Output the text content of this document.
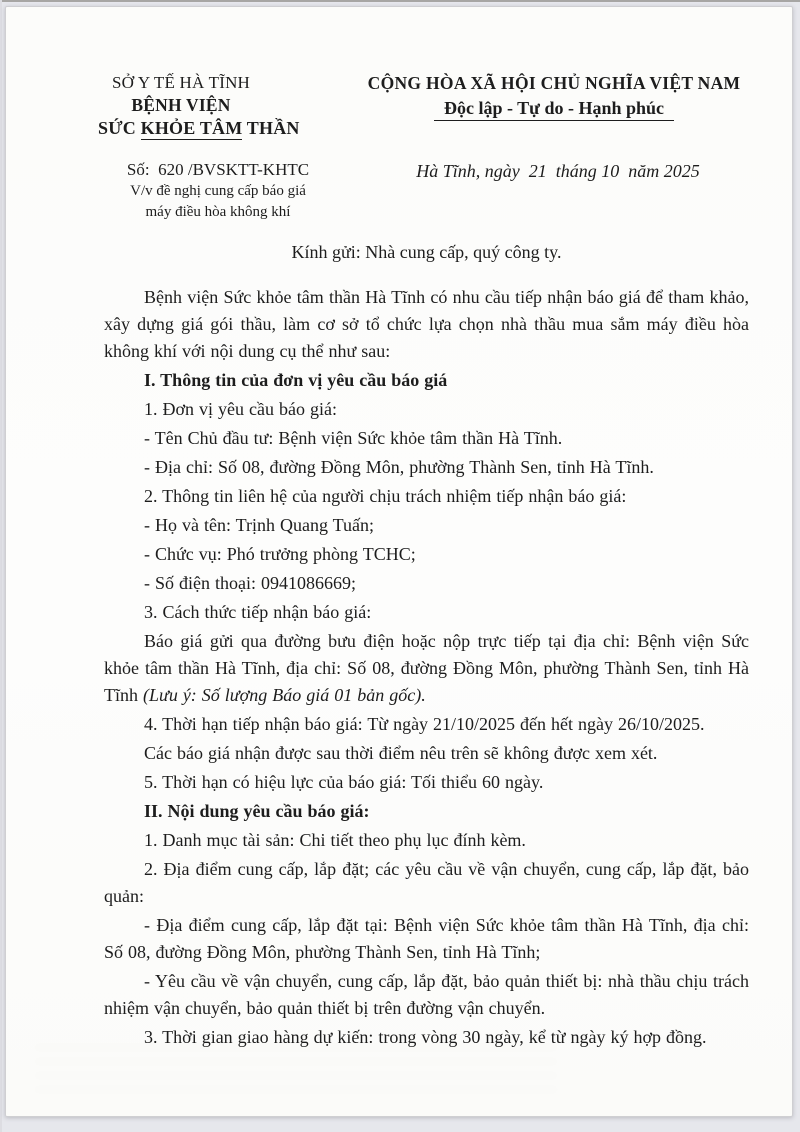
SỞ Y TẾ HÀ TĨNH
BỆNH VIỆN
SỨC KHỎE TÂM THẦN
CỘNG HÒA XÃ HỘI CHỦ NGHĨA VIỆT NAM
Độc lập - Tự do - Hạnh phúc
Số:  620 /BVSKTT-KHTC
V/v đề nghị cung cấp báo giá
máy điều hòa không khí
Hà Tĩnh, ngày  21  tháng 10  năm 2025
Kính gửi: Nhà cung cấp, quý công ty.

Bệnh viện Sức khỏe tâm thần Hà Tĩnh có nhu cầu tiếp nhận báo giá để tham khảo, xây dựng giá gói thầu, làm cơ sở tổ chức lựa chọn nhà thầu mua sắm máy điều hòa không khí với nội dung cụ thể như sau:

I. Thông tin của đơn vị yêu cầu báo giá

1. Đơn vị yêu cầu báo giá:

- Tên Chủ đầu tư: Bệnh viện Sức khỏe tâm thần Hà Tĩnh.

- Địa chỉ: Số 08, đường Đồng Môn, phường Thành Sen, tỉnh Hà Tĩnh.

2. Thông tin liên hệ của người chịu trách nhiệm tiếp nhận báo giá:

- Họ và tên: Trịnh Quang Tuấn;

- Chức vụ: Phó trưởng phòng TCHC;

- Số điện thoại: 0941086669;

3. Cách thức tiếp nhận báo giá:

Báo giá gửi qua đường bưu điện hoặc nộp trực tiếp tại địa chỉ: Bệnh viện Sức khỏe tâm thần Hà Tĩnh, địa chỉ: Số 08, đường Đồng Môn, phường Thành Sen, tỉnh Hà Tĩnh (Lưu ý: Số lượng Báo giá 01 bản gốc).

4. Thời hạn tiếp nhận báo giá: Từ ngày 21/10/2025 đến hết ngày 26/10/2025.

Các báo giá nhận được sau thời điểm nêu trên sẽ không được xem xét.

5. Thời hạn có hiệu lực của báo giá: Tối thiểu 60 ngày.

II. Nội dung yêu cầu báo giá:

1. Danh mục tài sản: Chi tiết theo phụ lục đính kèm.

2. Địa điểm cung cấp, lắp đặt; các yêu cầu về vận chuyển, cung cấp, lắp đặt, bảo quản:

- Địa điểm cung cấp, lắp đặt tại: Bệnh viện Sức khỏe tâm thần Hà Tĩnh, địa chỉ: Số 08, đường Đồng Môn, phường Thành Sen, tỉnh Hà Tĩnh;

- Yêu cầu về vận chuyển, cung cấp, lắp đặt, bảo quản thiết bị: nhà thầu chịu trách nhiệm vận chuyển, bảo quản thiết bị trên đường vận chuyển.

3. Thời gian giao hàng dự kiến: trong vòng 30 ngày, kể từ ngày ký hợp đồng.
